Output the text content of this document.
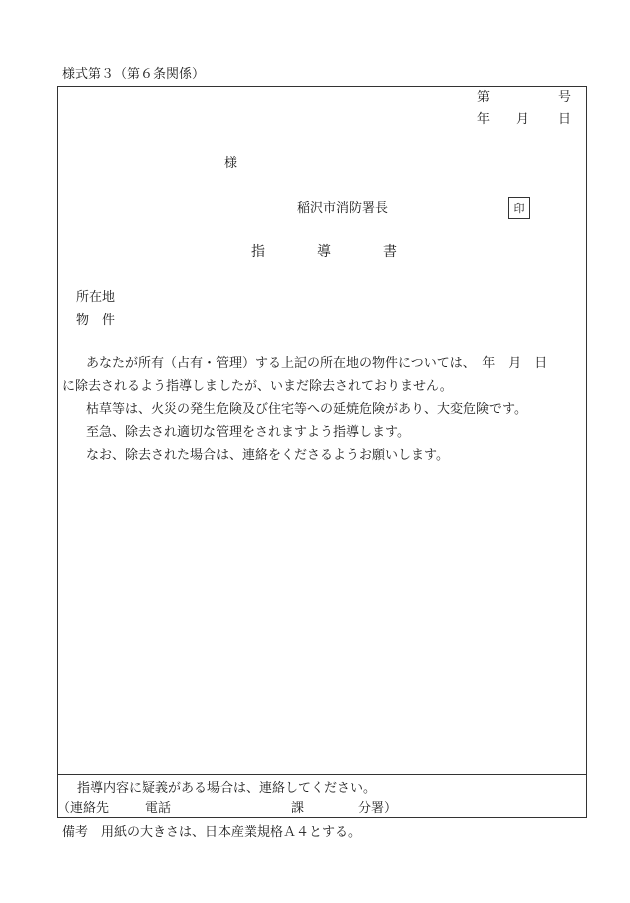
様式第３（第６条関係）
第	号
年 月 日
様
稲沢市消防署長	印
指	導	書
所在地
物　件
あなたが所有（占有・管理）する上記の所在地の物件については、　年　月　日
に除去されるよう指導しましたが、いまだ除去されておりません。
枯草等は、火災の発生危険及び住宅等への延焼危険があり、大変危険です。
至急、除去され適切な管理をされますよう指導します。
なお、除去された場合は、連絡をくださるようお願いします。
指導内容に疑義がある場合は、連絡してください。
（連絡先	電話	課	分署）
備考　用紙の大きさは、日本産業規格Ａ４とする。
